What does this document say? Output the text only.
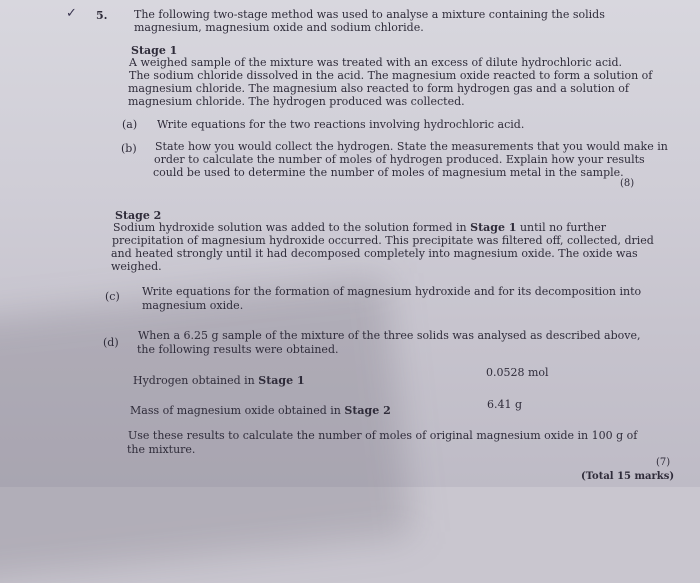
✓ 5. The following two-stage method was used to analyse a mixture containing the solids

magnesium, magnesium oxide and sodium chloride.

Stage 1

A weighed sample of the mixture was treated with an excess of dilute hydrochloric acid.

The sodium chloride dissolved in the acid. The magnesium oxide reacted to form a solution of

magnesium chloride. The magnesium also reacted to form hydrogen gas and a solution of

magnesium chloride. The hydrogen produced was collected.

(a) Write equations for the two reactions involving hydrochloric acid.

(b) State how you would collect the hydrogen. State the measurements that you would make in

order to calculate the number of moles of hydrogen produced. Explain how your results

could be used to determine the number of moles of magnesium metal in the sample.

(8)

Stage 2

Sodium hydroxide solution was added to the solution formed in Stage 1 until no further

precipitation of magnesium hydroxide occurred. This precipitate was filtered off, collected, dried

and heated strongly until it had decomposed completely into magnesium oxide. The oxide was

weighed.

(c) Write equations for the formation of magnesium hydroxide and for its decomposition into

magnesium oxide.

(d)

When a 6.25 g sample of the mixture of the three solids was analysed as described above,

the following results were obtained.

Hydrogen obtained in Stage 1

0.0528 mol

Mass of magnesium oxide obtained in Stage 2	6.41 g

Use these results to calculate the number of moles of original magnesium oxide in 100 g of

the mixture.

(7)
(Total 15 marks)
